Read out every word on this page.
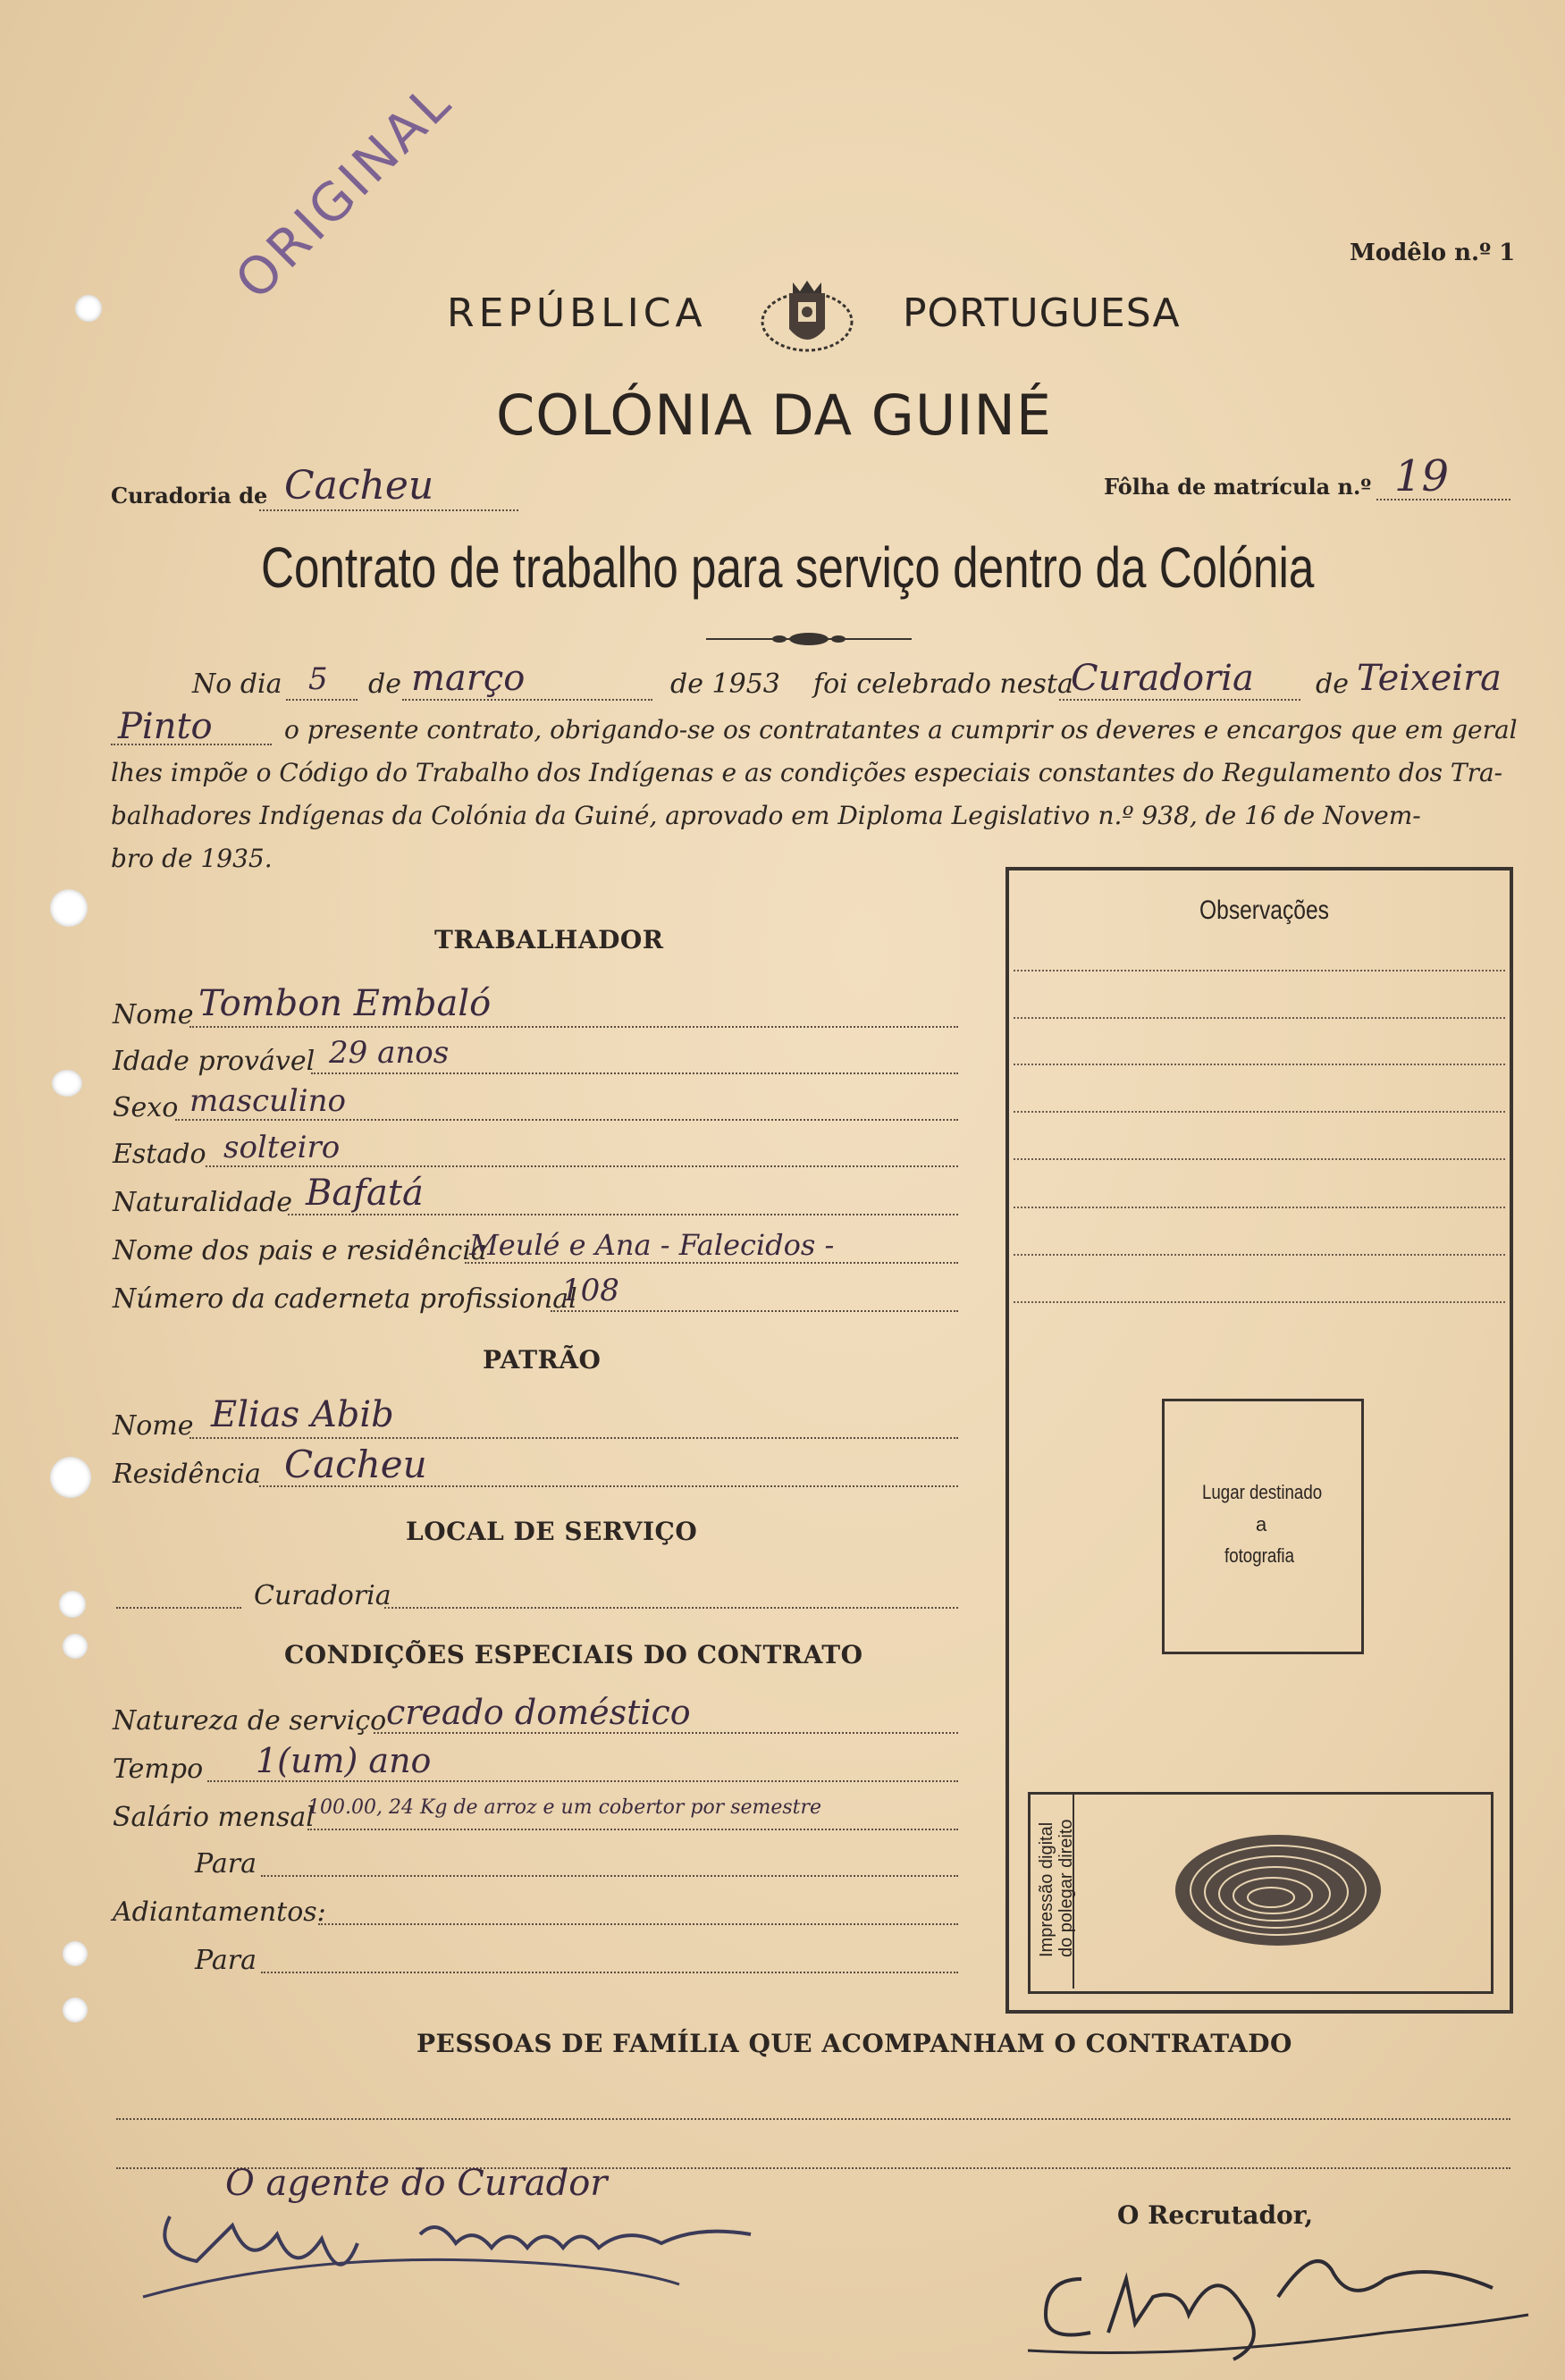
Modêlo n.º 1
ORIGINAL
REPÚBLICA	PORTUGUESA
COLÓNIA DA GUINÉ
Curadoria de Cacheu	Fôlha de matrícula n.º 19
Contrato de trabalho para serviço dentro da Colónia
No dia 5 de março	de 1953 foi celebrado nesta
Curadoria de Teixeira
Pinto	o presente contrato, obrigando-se os contratantes a cumprir os deveres e encargos que em geral
lhes impõe o Código do Trabalho dos Indígenas e as condições especiais constantes do Regulamento dos Tra-
balhadores Indígenas da Colónia da Guiné, aprovado em Diploma Legislativo n.º 938, de 16 de Novem-
bro de 1935.
Observações
Lugar destinado
a
fotografia
Impressão digital do polegar direito
TRABALHADOR
Nome Tombon Embaló
Idade provável 29 anos
Sexo masculino
Estado solteiro
Naturalidade Bafatá
Nome dos pais e residência
Meulé e Ana - Falecidos -
Número da caderneta profissional
108
PATRÃO
Nome Elias Abib
Residência Cacheu
LOCAL DE SERVIÇO
Curadoria
CONDIÇÕES ESPECIAIS DO CONTRATO
Natureza de serviço creado doméstico
Tempo 1(um) ano
Salário mensal
100.00, 24 Kg de arroz e um cobertor por semestre
Para
Adiantamentos:
Para
PESSOAS DE FAMÍLIA QUE ACOMPANHAM O CONTRATADO
O agente do Curador
O Recrutador,
